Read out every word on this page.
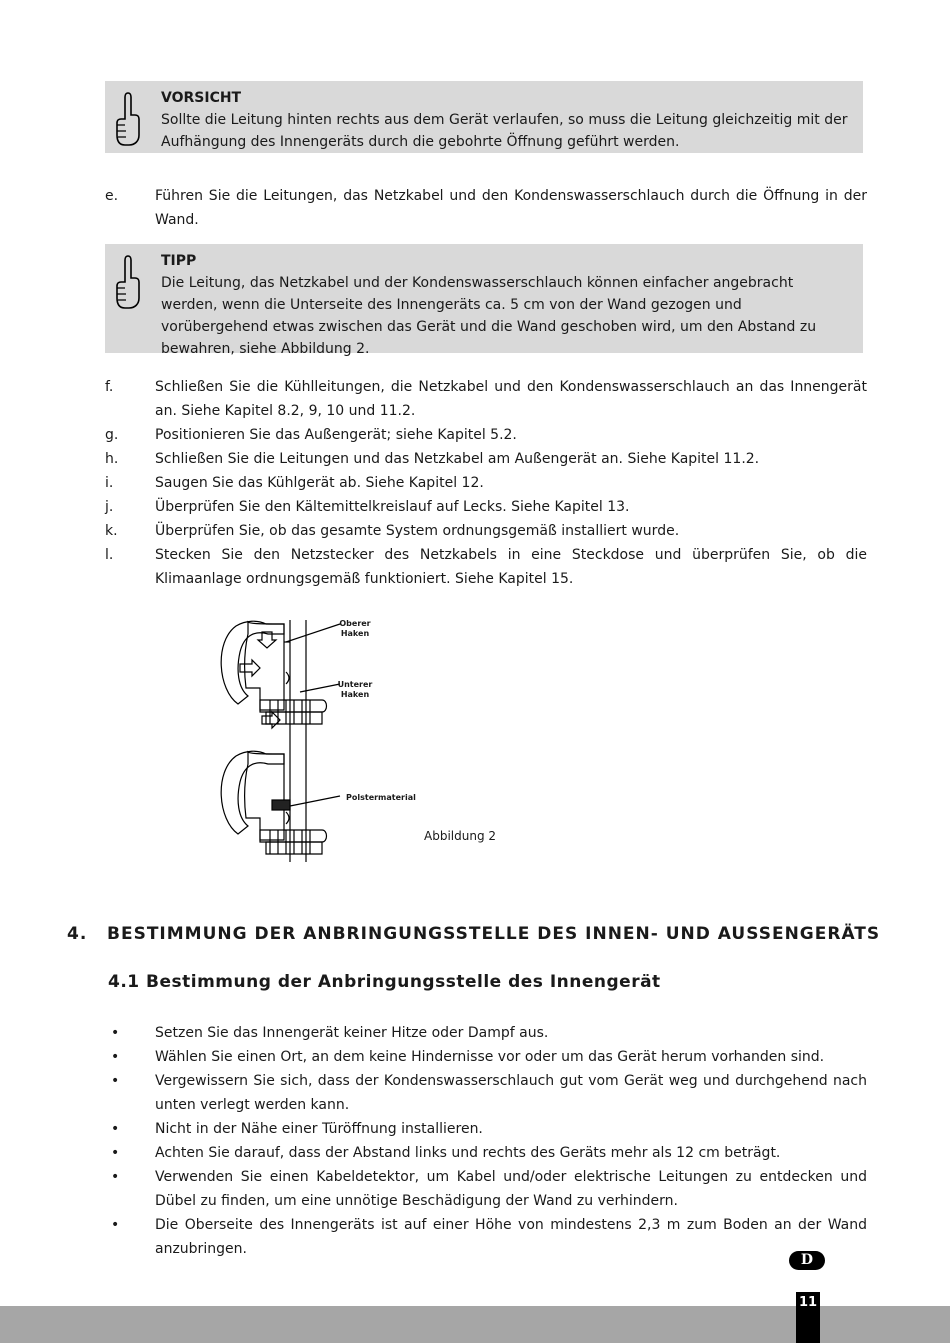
VORSICHT
Sollte die Leitung hinten rechts aus dem Gerät verlaufen, so muss die Leitung gleichzeitig mit der Aufhängung des Innengeräts durch die gebohrte Öffnung geführt werden.
e.	Führen Sie die Leitungen, das Netzkabel und den Kondenswasserschlauch durch die Öffnung in der Wand.
TIPP
Die Leitung, das Netzkabel und der Kondenswasserschlauch können einfacher angebracht werden, wenn die Unterseite des Innengeräts ca. 5 cm von der Wand gezogen und vorübergehend etwas zwischen das Gerät und die Wand geschoben wird, um den Abstand zu bewahren, siehe Abbildung 2.
f.	Schließen Sie die Kühlleitungen, die Netzkabel und den Kondenswasserschlauch an das Innengerät an. Siehe Kapitel 8.2, 9, 10 und 11.2.
g.	Positionieren Sie das Außengerät; siehe Kapitel 5.2.
h.	Schließen Sie die Leitungen und das Netzkabel am Außengerät an. Siehe Kapitel 11.2.
i.	Saugen Sie das Kühlgerät ab. Siehe Kapitel 12.
j.	Überprüfen Sie den Kältemittelkreislauf auf Lecks. Siehe Kapitel 13.
k.	Überprüfen Sie, ob das gesamte System ordnungsgemäß installiert wurde.
l.	Stecken Sie den Netzstecker des Netzkabels in eine Steckdose und überprüfen Sie, ob die Klimaanlage ordnungsgemäß funktioniert. Siehe Kapitel 15.
Oberer
Haken
Unterer
Haken
Polstermaterial
Abbildung 2
4. BESTIMMUNG DER ANBRINGUNGSSTELLE DES INNEN- UND AUSSENGERÄTS
4.1 Bestimmung der Anbringungsstelle des Innengerät
•	Setzen Sie das Innengerät keiner Hitze oder Dampf aus.
•	Wählen Sie einen Ort, an dem keine Hindernisse vor oder um das Gerät herum vorhanden sind.
•	Vergewissern Sie sich, dass der Kondenswasserschlauch gut vom Gerät weg und durchgehend nach unten verlegt werden kann.
•	Nicht in der Nähe einer Türöffnung installieren.
•	Achten Sie darauf, dass der Abstand links und rechts des Geräts mehr als 12 cm beträgt.
•	Verwenden Sie einen Kabeldetektor, um Kabel und/oder elektrische Leitungen zu entdecken und Dübel zu finden, um eine unnötige Beschädigung der Wand zu verhindern.
•	Die Oberseite des Innengeräts ist auf einer Höhe von mindestens 2,3 m zum Boden an der Wand anzubringen.
D
11
